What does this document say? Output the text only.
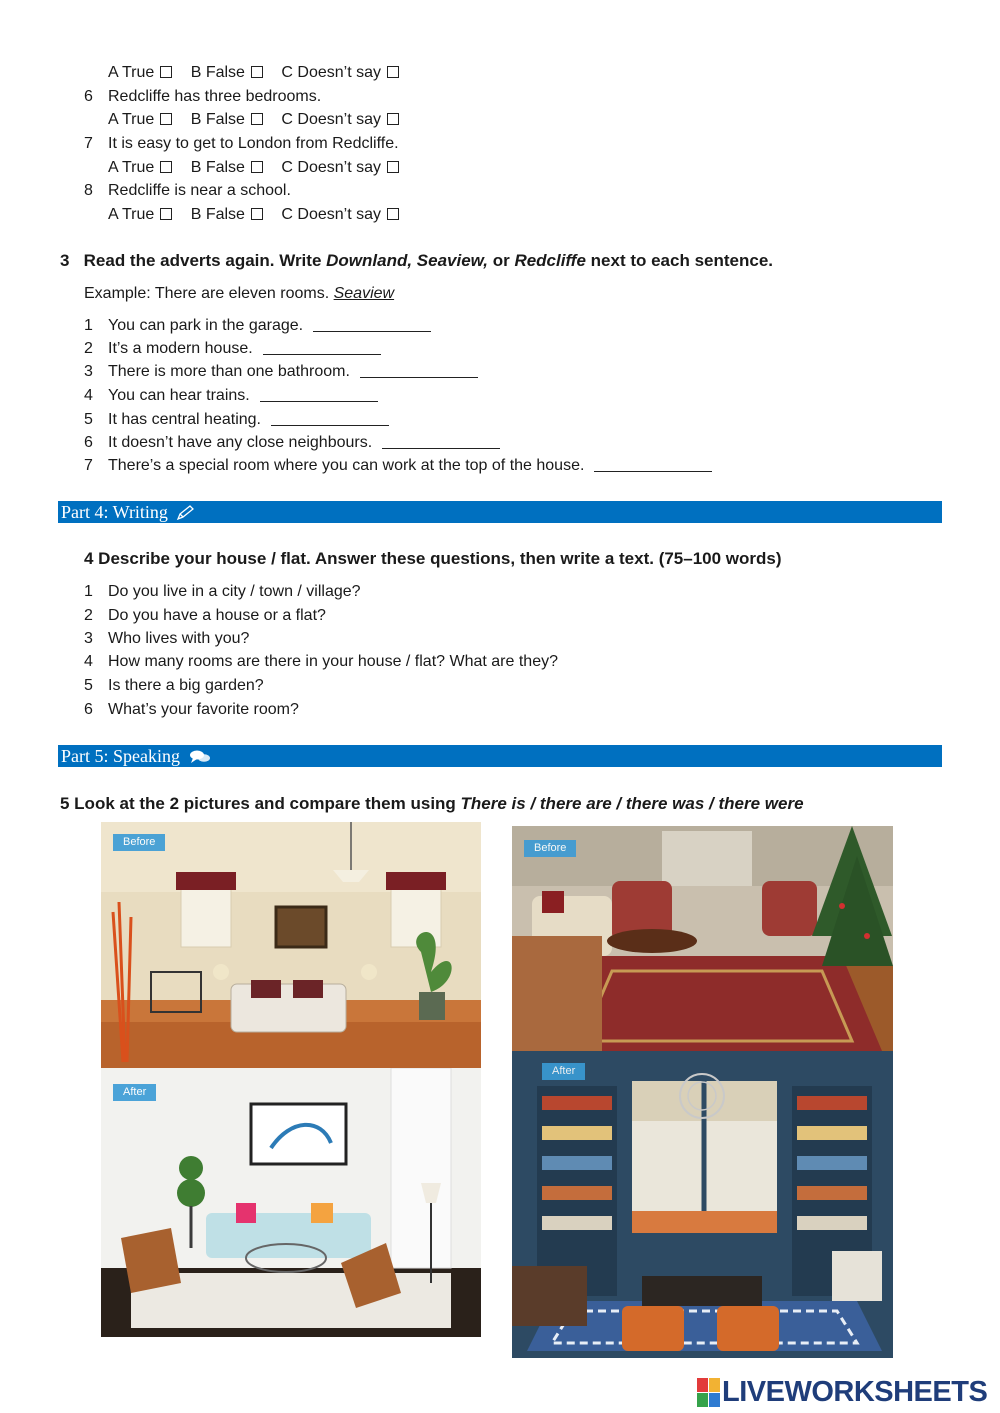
A True B False C Doesn’t say
6 Redcliffe has three bedrooms.
A True B False C Doesn’t say
7 It is easy to get to London from Redcliffe.
A True B False C Doesn’t say
8 Redcliffe is near a school.
A True B False C Doesn’t say
3 Read the adverts again. Write Downland, Seaview, or Redcliffe next to each sentence.
Example: There are eleven rooms. Seaview
1 You can park in the garage.
2 It’s a modern house.
3 There is more than one bathroom.
4 You can hear trains.
5 It has central heating.
6 It doesn’t have any close neighbours.
7 There’s a special room where you can work at the top of the house.
Part 4: Writing
4 Describe your house / flat. Answer these questions, then write a text. (75–100 words)
1 Do you live in a city / town / village?
2 Do you have a house or a flat?
3 Who lives with you?
4 How many rooms are there in your house / flat? What are they?
5 Is there a big garden?
6 What’s your favorite room?
Part 5: Speaking
5 Look at the 2 pictures and compare them using There is / there are / there was / there were
Before
After
Before
After
LIVEWORKSHEETS
